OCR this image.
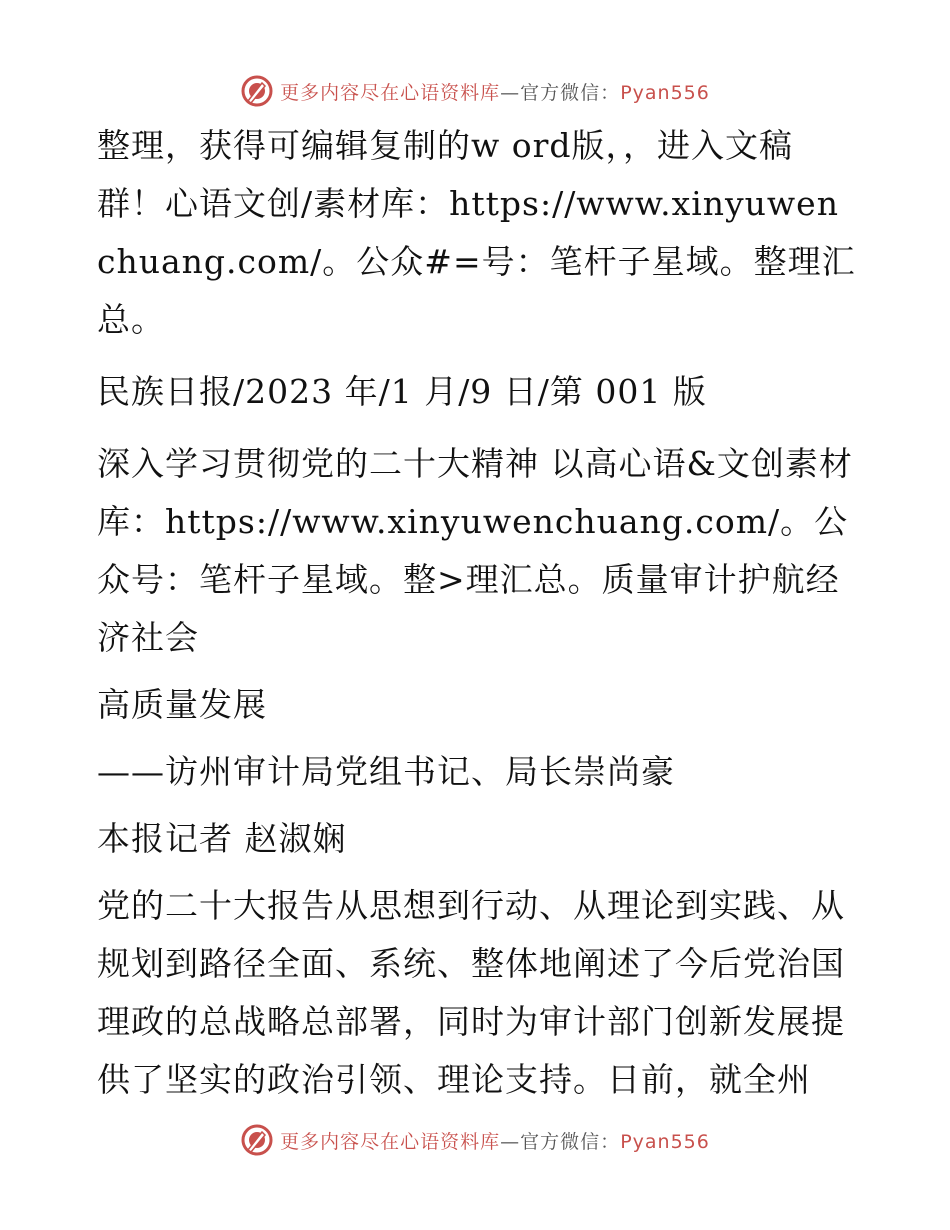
更多内容尽在心语资料库—官方微信：Pyan556

整理，获得可编辑复制的w ord版，，进入文稿群！心语文创/素材库：https://www.xinyuwenchuang.com/。公众#=号：笔杆子星域。整理汇总。

民族日报/2023 年/1 月/9 日/第 001 版

深入学习贯彻党的二十大精神 以高心语&文创素材库：https://www.xinyuwenchuang.com/。公众号：笔杆子星域。整>理汇总。质量审计护航经济社会

高质量发展

——访州审计局党组书记、局长崇尚豪

本报记者 赵淑娴

党的二十大报告从思想到行动、从理论到实践、从规划到路径全面、系统、整体地阐述了今后党治国理政的总战略总部署，同时为审计部门创新发展提供了坚实的政治引领、理论支持。日前，就全州

更多内容尽在心语资料库—官方微信：Pyan556
